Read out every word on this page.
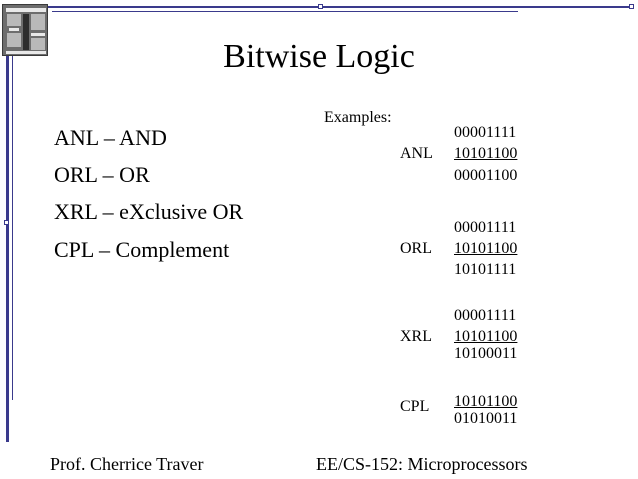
Bitwise Logic
ANL – AND
ORL – OR
XRL – eXclusive OR
CPL – Complement
Examples:
00001111
ANL 10101100
00001100
00001111
ORL 10101100
10101111
00001111
XRL 10101100
10100011
CPL 10101100
01010011
Prof. Cherrice Traver	EE/CS-152: Microprocessors
